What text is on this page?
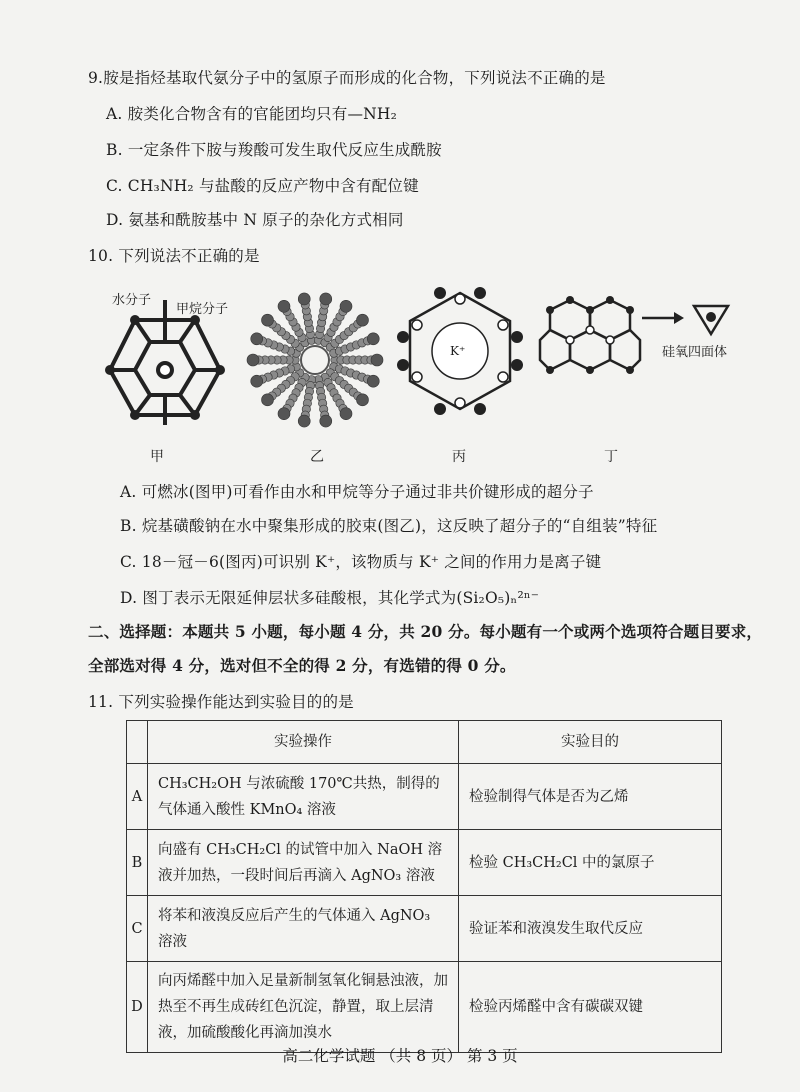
9.胺是指烃基取代氨分子中的氢原子而形成的化合物，下列说法不正确的是
A. 胺类化合物含有的官能团均只有—NH₂
B. 一定条件下胺与羧酸可发生取代反应生成酰胺
C. CH₃NH₂ 与盐酸的反应产物中含有配位键
D. 氨基和酰胺基中 N 原子的杂化方式相同
10. 下列说法不正确的是
水分子
甲烷分子
K⁺	硅氧四面体
甲	乙	丙	丁
A. 可燃冰(图甲)可看作由水和甲烷等分子通过非共价键形成的超分子
B. 烷基磺酸钠在水中聚集形成的胶束(图乙)，这反映了超分子的“自组装”特征
C. 18－冠－6(图丙)可识别 K⁺，该物质与 K⁺ 之间的作用力是离子键
D. 图丁表示无限延伸层状多硅酸根，其化学式为(Si₂O₅)ₙ²ⁿ⁻
二、选择题：本题共 5 小题，每小题 4 分，共 20 分。每小题有一个或两个选项符合题目要求，
全部选对得 4 分，选对但不全的得 2 分，有选错的得 0 分。
11. 下列实验操作能达到实验目的的是
	实验操作	实验目的
A	CH₃CH₂OH 与浓硫酸 170℃共热，制得的气体通入酸性 KMnO₄ 溶液	检验制得气体是否为乙烯
B	向盛有 CH₃CH₂Cl 的试管中加入 NaOH 溶液并加热，一段时间后再滴入 AgNO₃ 溶液	检验 CH₃CH₂Cl 中的氯原子
C	将苯和液溴反应后产生的气体通入 AgNO₃ 溶液	验证苯和液溴发生取代反应
D	向丙烯醛中加入足量新制氢氧化铜悬浊液，加热至不再生成砖红色沉淀，静置，取上层清液，加硫酸酸化再滴加溴水	检验丙烯醛中含有碳碳双键
高二化学试题 （共 8 页） 第 3 页
